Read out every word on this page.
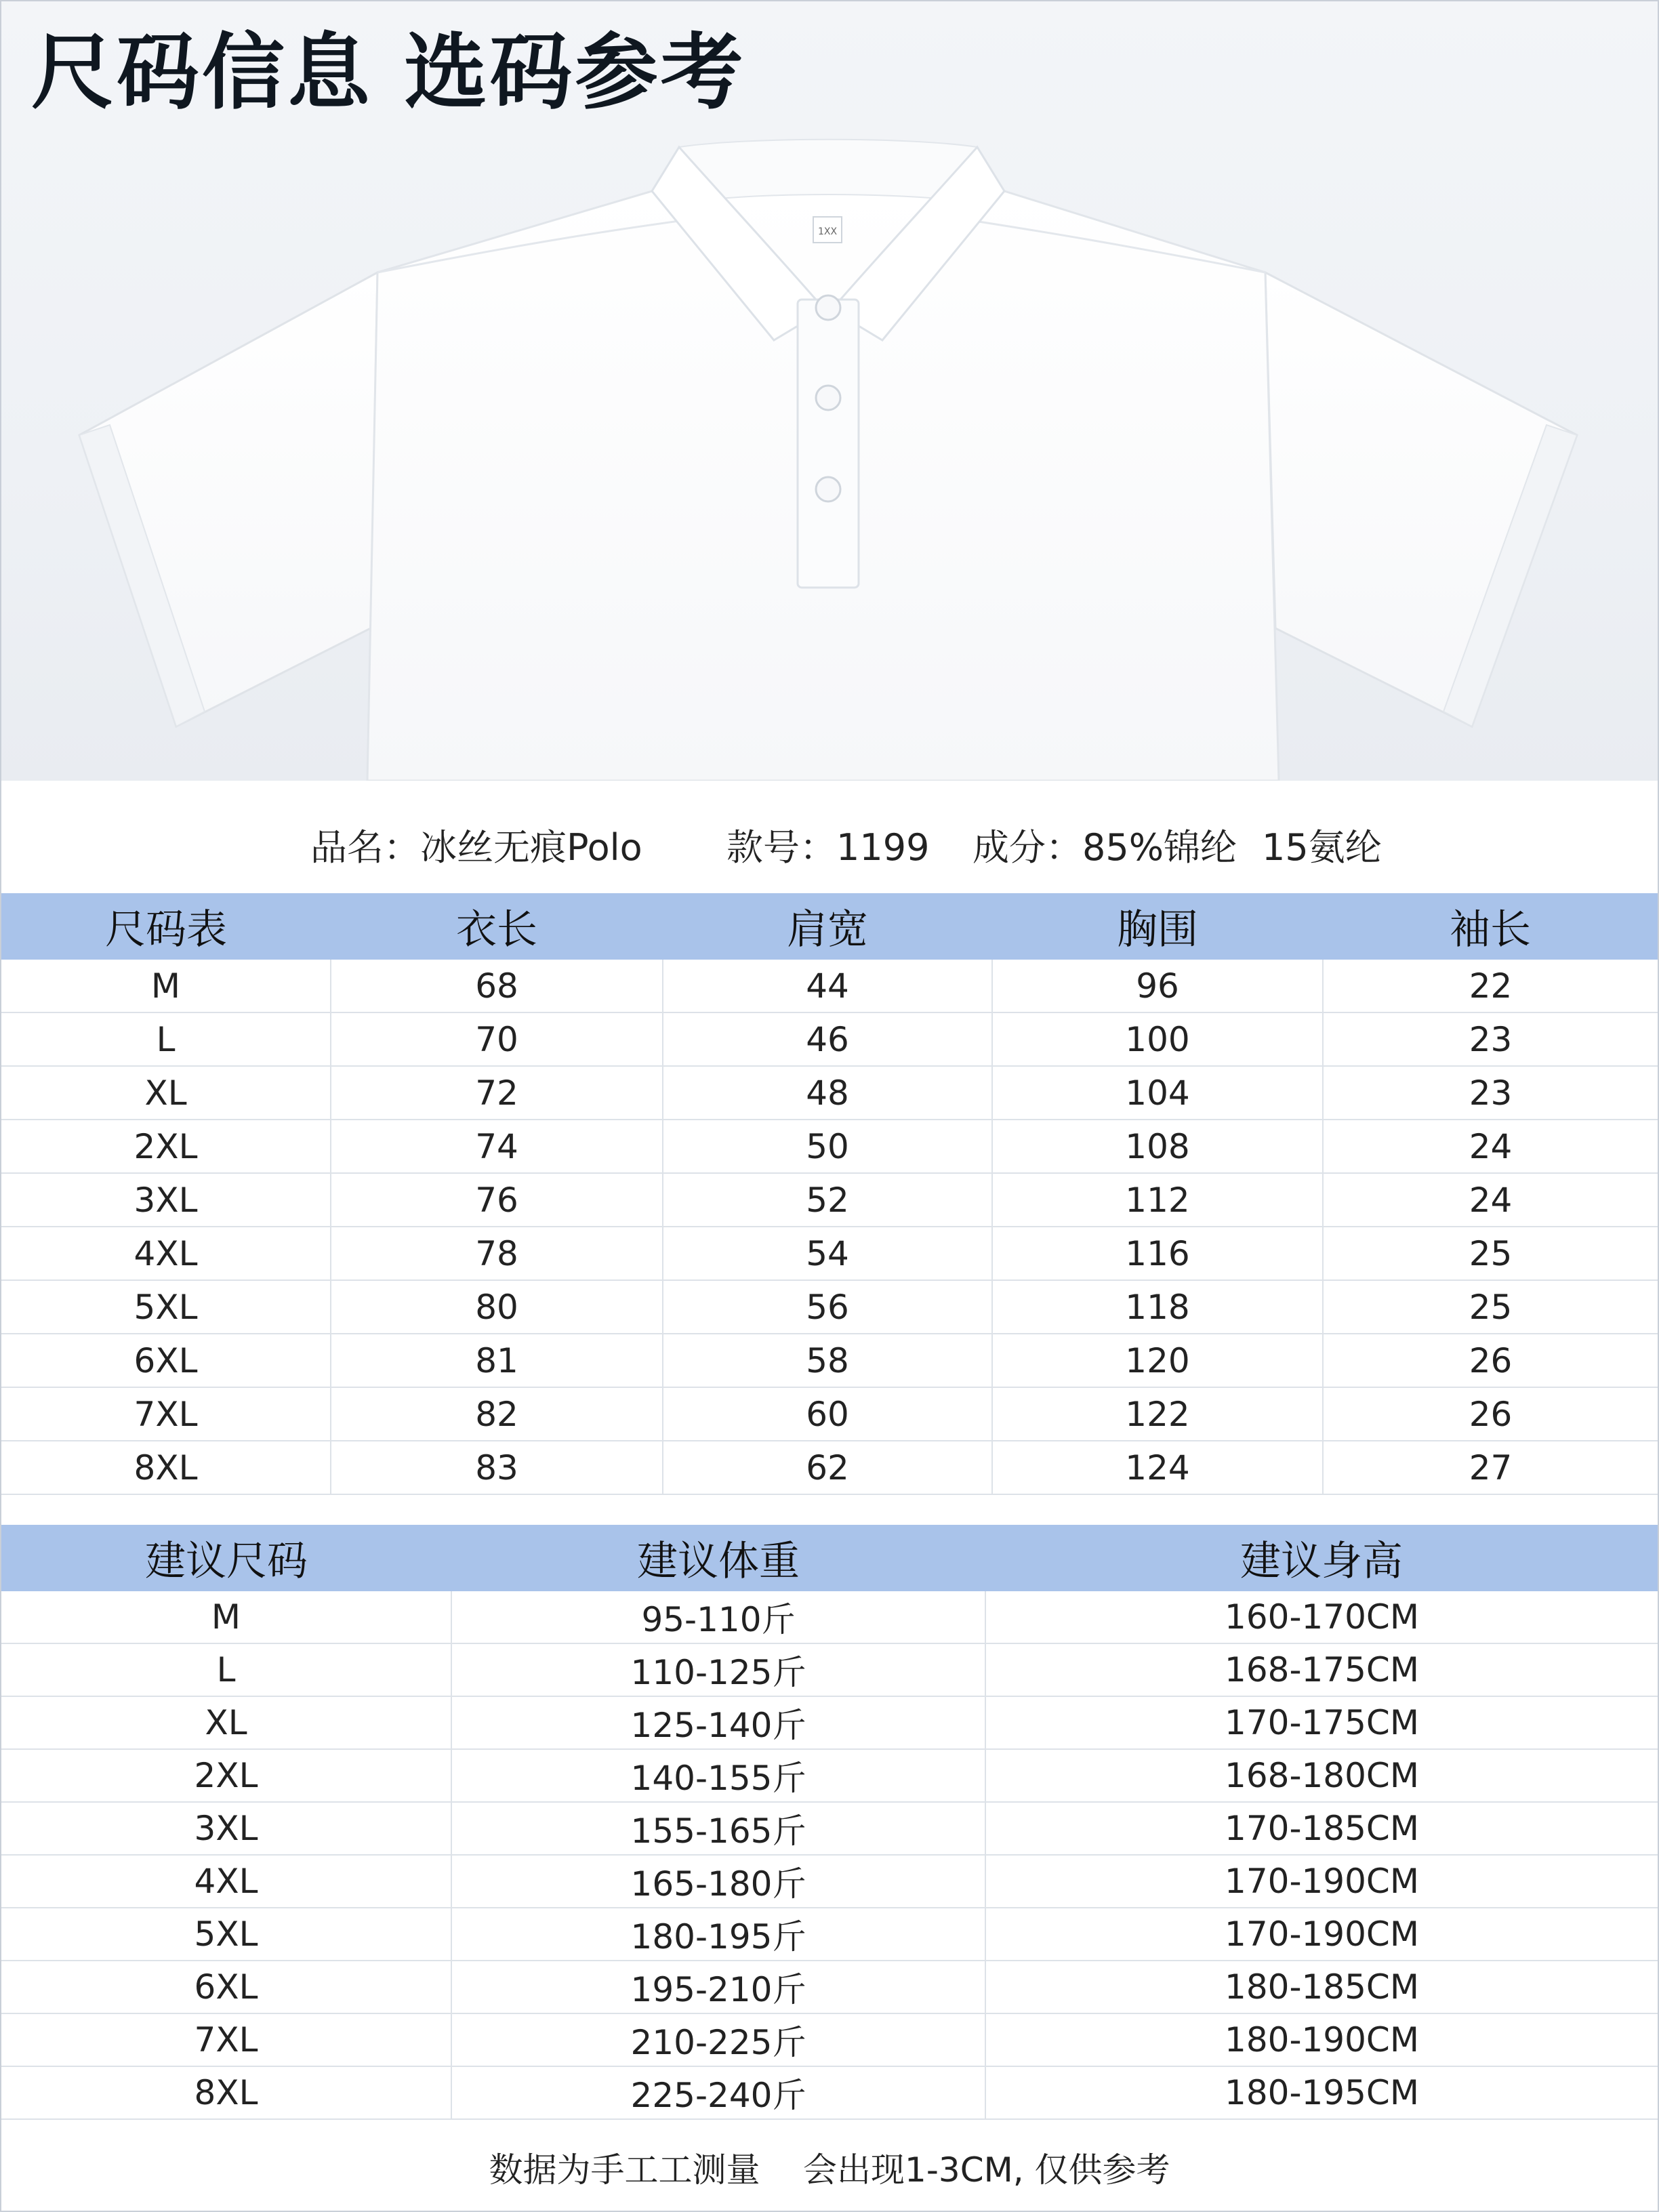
1XX
尺码信息 选码参考
品名：冰丝无痕Polo 款号：1199 成分：85%锦纶 15氨纶
尺码表	衣长	肩宽	胸围	袖长
M	68	44	96	22
L	70	46	100	23
XL	72	48	104	23
2XL	74	50	108	24
3XL	76	52	112	24
4XL	78	54	116	25
5XL	80	56	118	25
6XL	81	58	120	26
7XL	82	60	122	26
8XL	83	62	124	27
建议尺码	建议体重	建议身高
M	95-110斤	160-170CM
L	110-125斤	168-175CM
XL	125-140斤	170-175CM
2XL	140-155斤	168-180CM
3XL	155-165斤	170-185CM
4XL	165-180斤	170-190CM
5XL	180-195斤	170-190CM
6XL	195-210斤	180-185CM
7XL	210-225斤	180-190CM
8XL	225-240斤	180-195CM
数据为手工工测量    会出现1-3CM, 仅供参考
